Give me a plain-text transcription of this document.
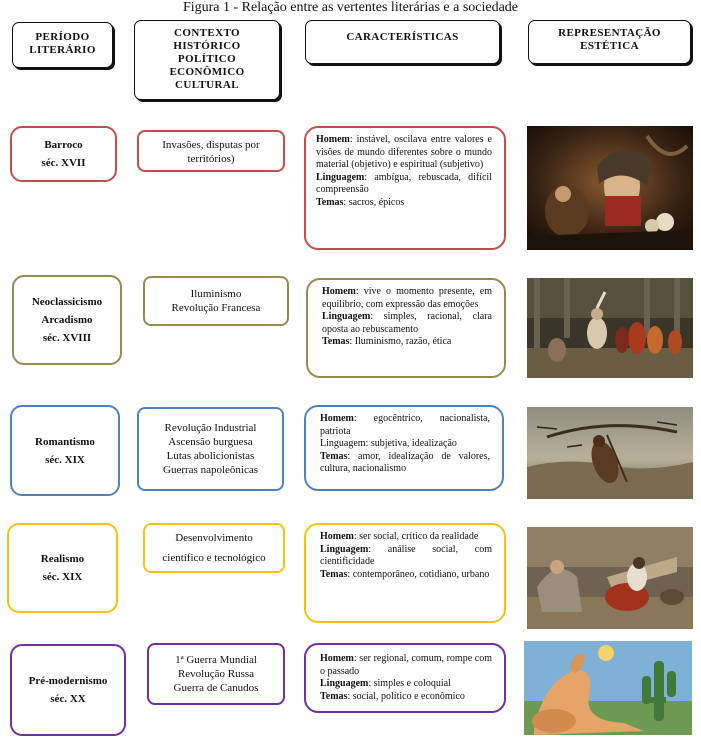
Figura 1 - Relação entre as vertentes literárias e a sociedade
PERÍODO
LITERÁRIO
CONTEXTO
HISTÓRICO
POLÍTICO
ECONÔMICO
CULTURAL
CARACTERÍSTICAS	REPRESENTAÇÃO
ESTÉTICA
Barroco
séc. XVII
Invasões, disputas por
territórios)
Homem: instável, oscilava entre valores e visões de mundo diferentes sobre o mundo material (objetivo) e espiritual (subjetivo)
Linguagem: ambígua, rebuscada, difícil compreensão
Temas: sacros, épicos
Neoclassicismo
Arcadismo
séc. XVIII
Iluminismo
Revolução Francesa
Homem: vive o momento presente, em equilíbrio, com expressão das emoções
Linguagem: simples, racional, clara oposta ao rebuscamento
Temas: Iluminismo, razão, ética
Romantismo
séc. XIX
Revolução Industrial
Ascensão burguesa
Lutas abolicionistas
Guerras napoleônicas
Homem: egocêntrico, nacionalista, patriota
Linguagem: subjetiva, idealização
Temas: amor, idealização de valores, cultura, nacionalismo
Realismo
séc. XIX
Desenvolvimento
científico e tecnológico
Homem: ser social, crítico da realidade
Linguagem: análise social, com cientificidade
Temas: contemporâneo, cotidiano, urbano
Pré-modernismo
séc. XX
1ª Guerra Mundial
Revolução Russa
Guerra de Canudos
Homem: ser regional, comum, rompe com o passado
Linguagem: simples e coloquial
Temas: social, político e econômico
